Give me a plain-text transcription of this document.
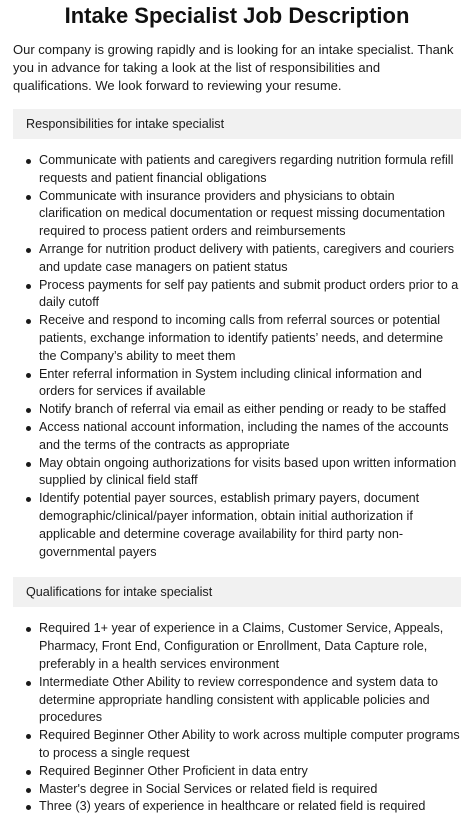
Intake Specialist Job Description

Our company is growing rapidly and is looking for an intake specialist. Thank you in advance for taking a look at the list of responsibilities and qualifications. We look forward to reviewing your resume.

Responsibilities for intake specialist
Communicate with patients and caregivers regarding nutrition formula refill requests and patient financial obligations
Communicate with insurance providers and physicians to obtain clarification on medical documentation or request missing documentation required to process patient orders and reimbursements
Arrange for nutrition product delivery with patients, caregivers and couriers and update case managers on patient status
Process payments for self pay patients and submit product orders prior to a daily cutoff
Receive and respond to incoming calls from referral sources or potential patients, exchange information to identify patients’ needs, and determine the Company’s ability to meet them
Enter referral information in System including clinical information and orders for services if available
Notify branch of referral via email as either pending or ready to be staffed
Access national account information, including the names of the accounts and the terms of the contracts as appropriate
May obtain ongoing authorizations for visits based upon written information supplied by clinical field staff
Identify potential payer sources, establish primary payers, document demographic/clinical/payer information, obtain initial authorization if applicable and determine coverage availability for third party non-governmental payers
Qualifications for intake specialist
Required 1+ year of experience in a Claims, Customer Service, Appeals, Pharmacy, Front End, Configuration or Enrollment, Data Capture role, preferably in a health services environment
Intermediate Other Ability to review correspondence and system data to determine appropriate handling consistent with applicable policies and procedures
Required Beginner Other Ability to work across multiple computer programs to process a single request
Required Beginner Other Proficient in data entry
Master's degree in Social Services or related field is required
Three (3) years of experience in healthcare or related field is required
